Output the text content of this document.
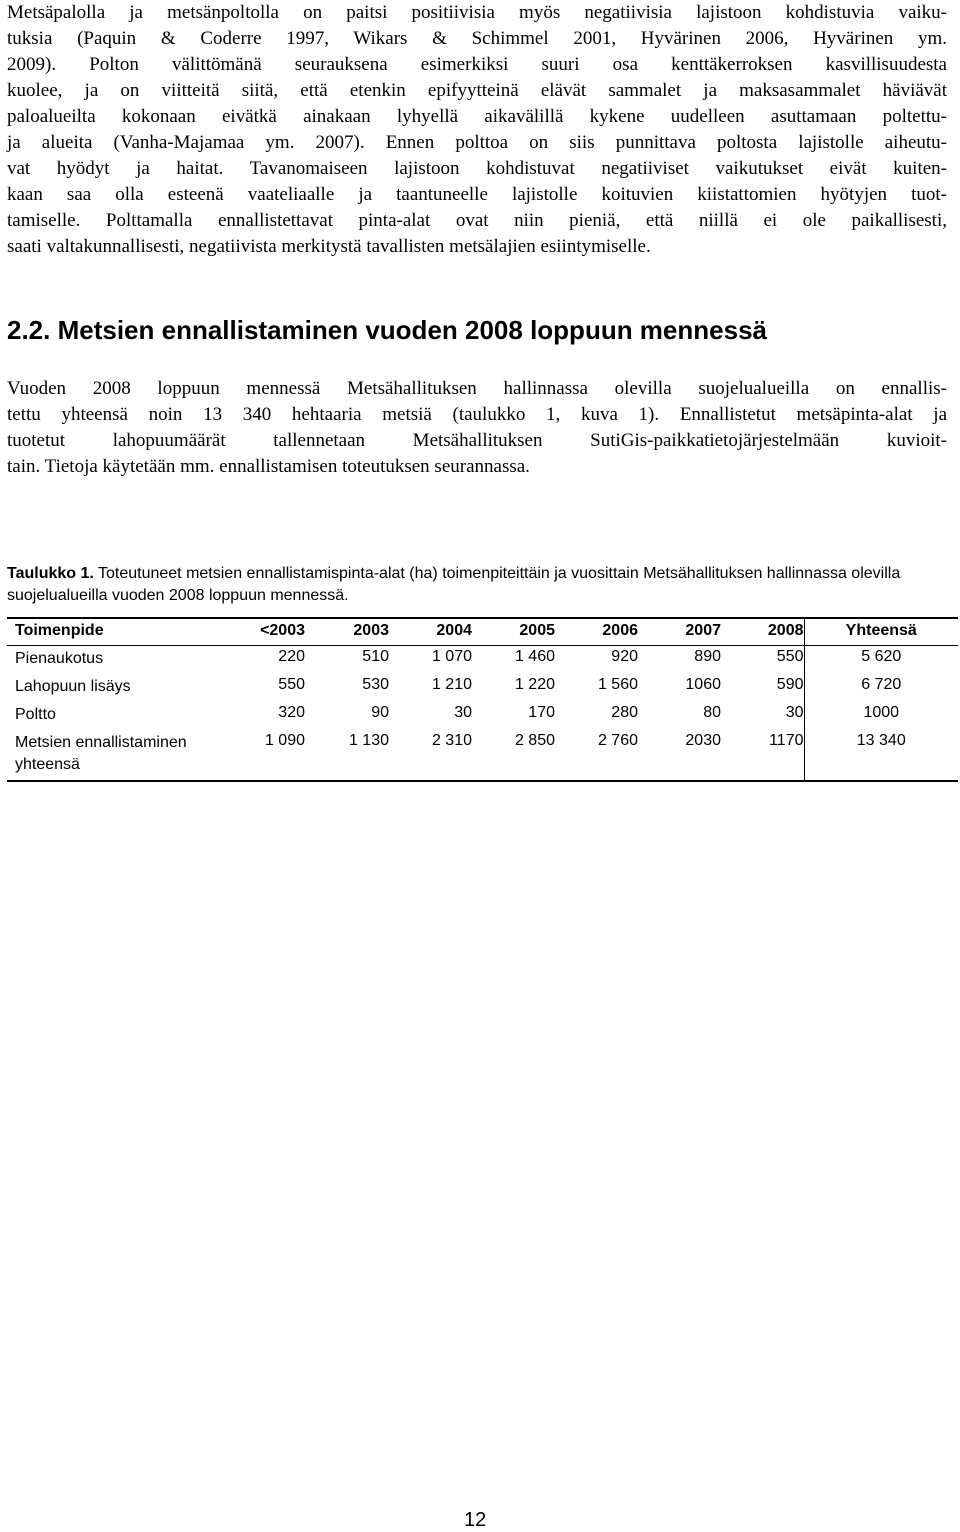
Metsäpalolla ja metsänpoltolla on paitsi positiivisia myös negatiivisia lajistoon kohdistuvia vaiku-
tuksia (Paquin & Coderre 1997, Wikars & Schimmel 2001, Hyvärinen 2006, Hyvärinen ym.
2009). Polton välittömänä seurauksena esimerkiksi suuri osa kenttäkerroksen kasvillisuudesta
kuolee, ja on viitteitä siitä, että etenkin epifyytteinä elävät sammalet ja maksasammalet häviävät
paloalueilta kokonaan eivätkä ainakaan lyhyellä aikavälillä kykene uudelleen asuttamaan poltettu-
ja alueita (Vanha-Majamaa ym. 2007). Ennen polttoa on siis punnittava poltosta lajistolle aiheutu-
vat hyödyt ja haitat. Tavanomaiseen lajistoon kohdistuvat negatiiviset vaikutukset eivät kuiten-
kaan saa olla esteenä vaateliaalle ja taantuneelle lajistolle koituvien kiistattomien hyötyjen tuot-
tamiselle. Polttamalla ennallistettavat pinta-alat ovat niin pieniä, että niillä ei ole paikallisesti,
saati valtakunnallisesti, negatiivista merkitystä tavallisten metsälajien esiintymiselle.

2.2. Metsien ennallistaminen vuoden 2008 loppuun mennessä

Vuoden 2008 loppuun mennessä Metsähallituksen hallinnassa olevilla suojelualueilla on ennallis-
tettu yhteensä noin 13 340 hehtaaria metsiä (taulukko 1, kuva 1). Ennallistetut metsäpinta-alat ja
tuotetut lahopuumäärät tallennetaan Metsähallituksen SutiGis-paikkatietojärjestelmään kuvioit-
tain. Tietoja käytetään mm. ennallistamisen toteutuksen seurannassa.

Taulukko 1. Toteutuneet metsien ennallistamispinta-alat (ha) toimenpiteittäin ja vuosittain Metsähallituksen hallinnassa olevilla suojelualueilla vuoden 2008 loppuun mennessä.

Toimenpide	<2003	2003	2004	2005	2006	2007	2008	Yhteensä
Pienaukotus	220	510	1 070	1 460	920	890	550	5 620
Lahopuun lisäys	550	530	1 210	1 220	1 560	1060	590	6 720
Poltto	320	90	30	170	280	80	30	1000
Metsien ennallistaminen yhteensä	1 090	1 130	2 310	2 850	2 760	2030	1170	13 340

12
